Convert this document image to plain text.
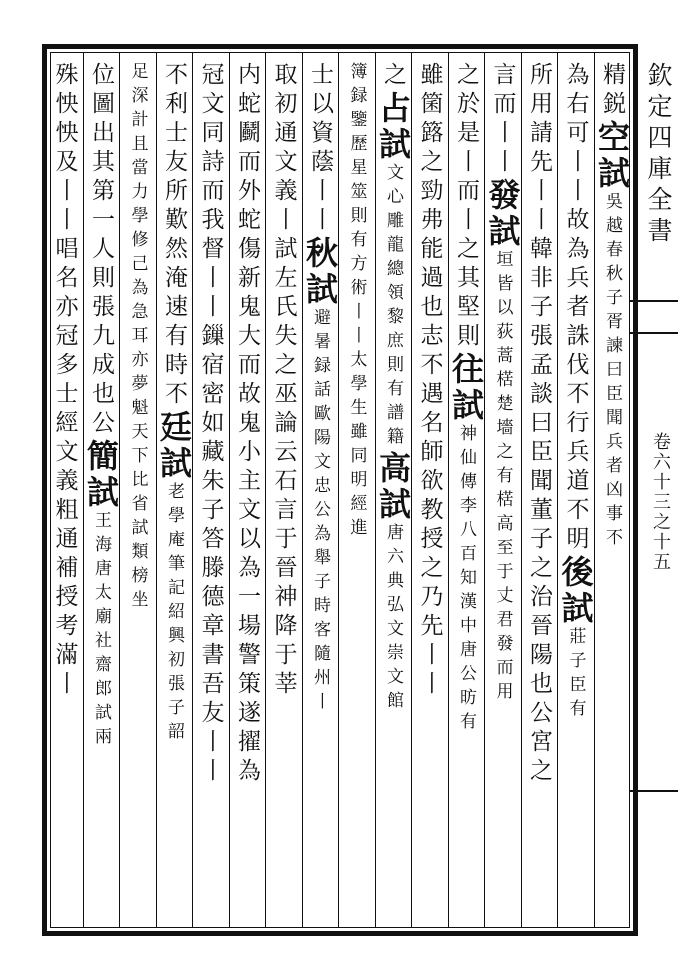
欽定四庫全書
卷六十三之十五
精鋭空試吳越春秋子胥諫曰臣聞兵者凶事不
為右可丨丨故為兵者誅伐不行兵道不明後試莊子臣有
所用請先丨丨韓非子張孟談曰臣聞董子之治晉陽也公宮之
言而丨丨發試垣皆以荻蒿楛楚墻之有楛高至于丈君發而用
之於是丨而丨之其堅則往試神仙傳李八百知漢中唐公昉有
雖箘簬之勁弗能過也志不遇名師欲教授之乃先丨丨
之占試文心雕龍總領黎庶則有譜籍高試唐六典弘文崇文館
簿録鑒歷星筮則有方術丨丨太學生雖同明經進
士以資蔭丨丨秋試避暑録話歐陽文忠公為舉子時客隨州丨
取初通文義丨試左氏失之巫論云石言于晉神降于莘
内蛇鬬而外蛇傷新鬼大而故鬼小主文以為一場警策遂擢為
冠文同詩而我督丨丨鏁宿密如藏朱子答滕德章書吾友丨丨
不利士友所歎然淹速有時不廷試老學庵筆記紹興初張子韶
足深計且當力學修己為急耳亦夢魁天下比省試類榜坐
位圖出其第一人則張九成也公簡試王海唐太廟社齋郎試兩
殊怏怏及丨丨唱名亦冠多士經文義粗通補授考滿丨
